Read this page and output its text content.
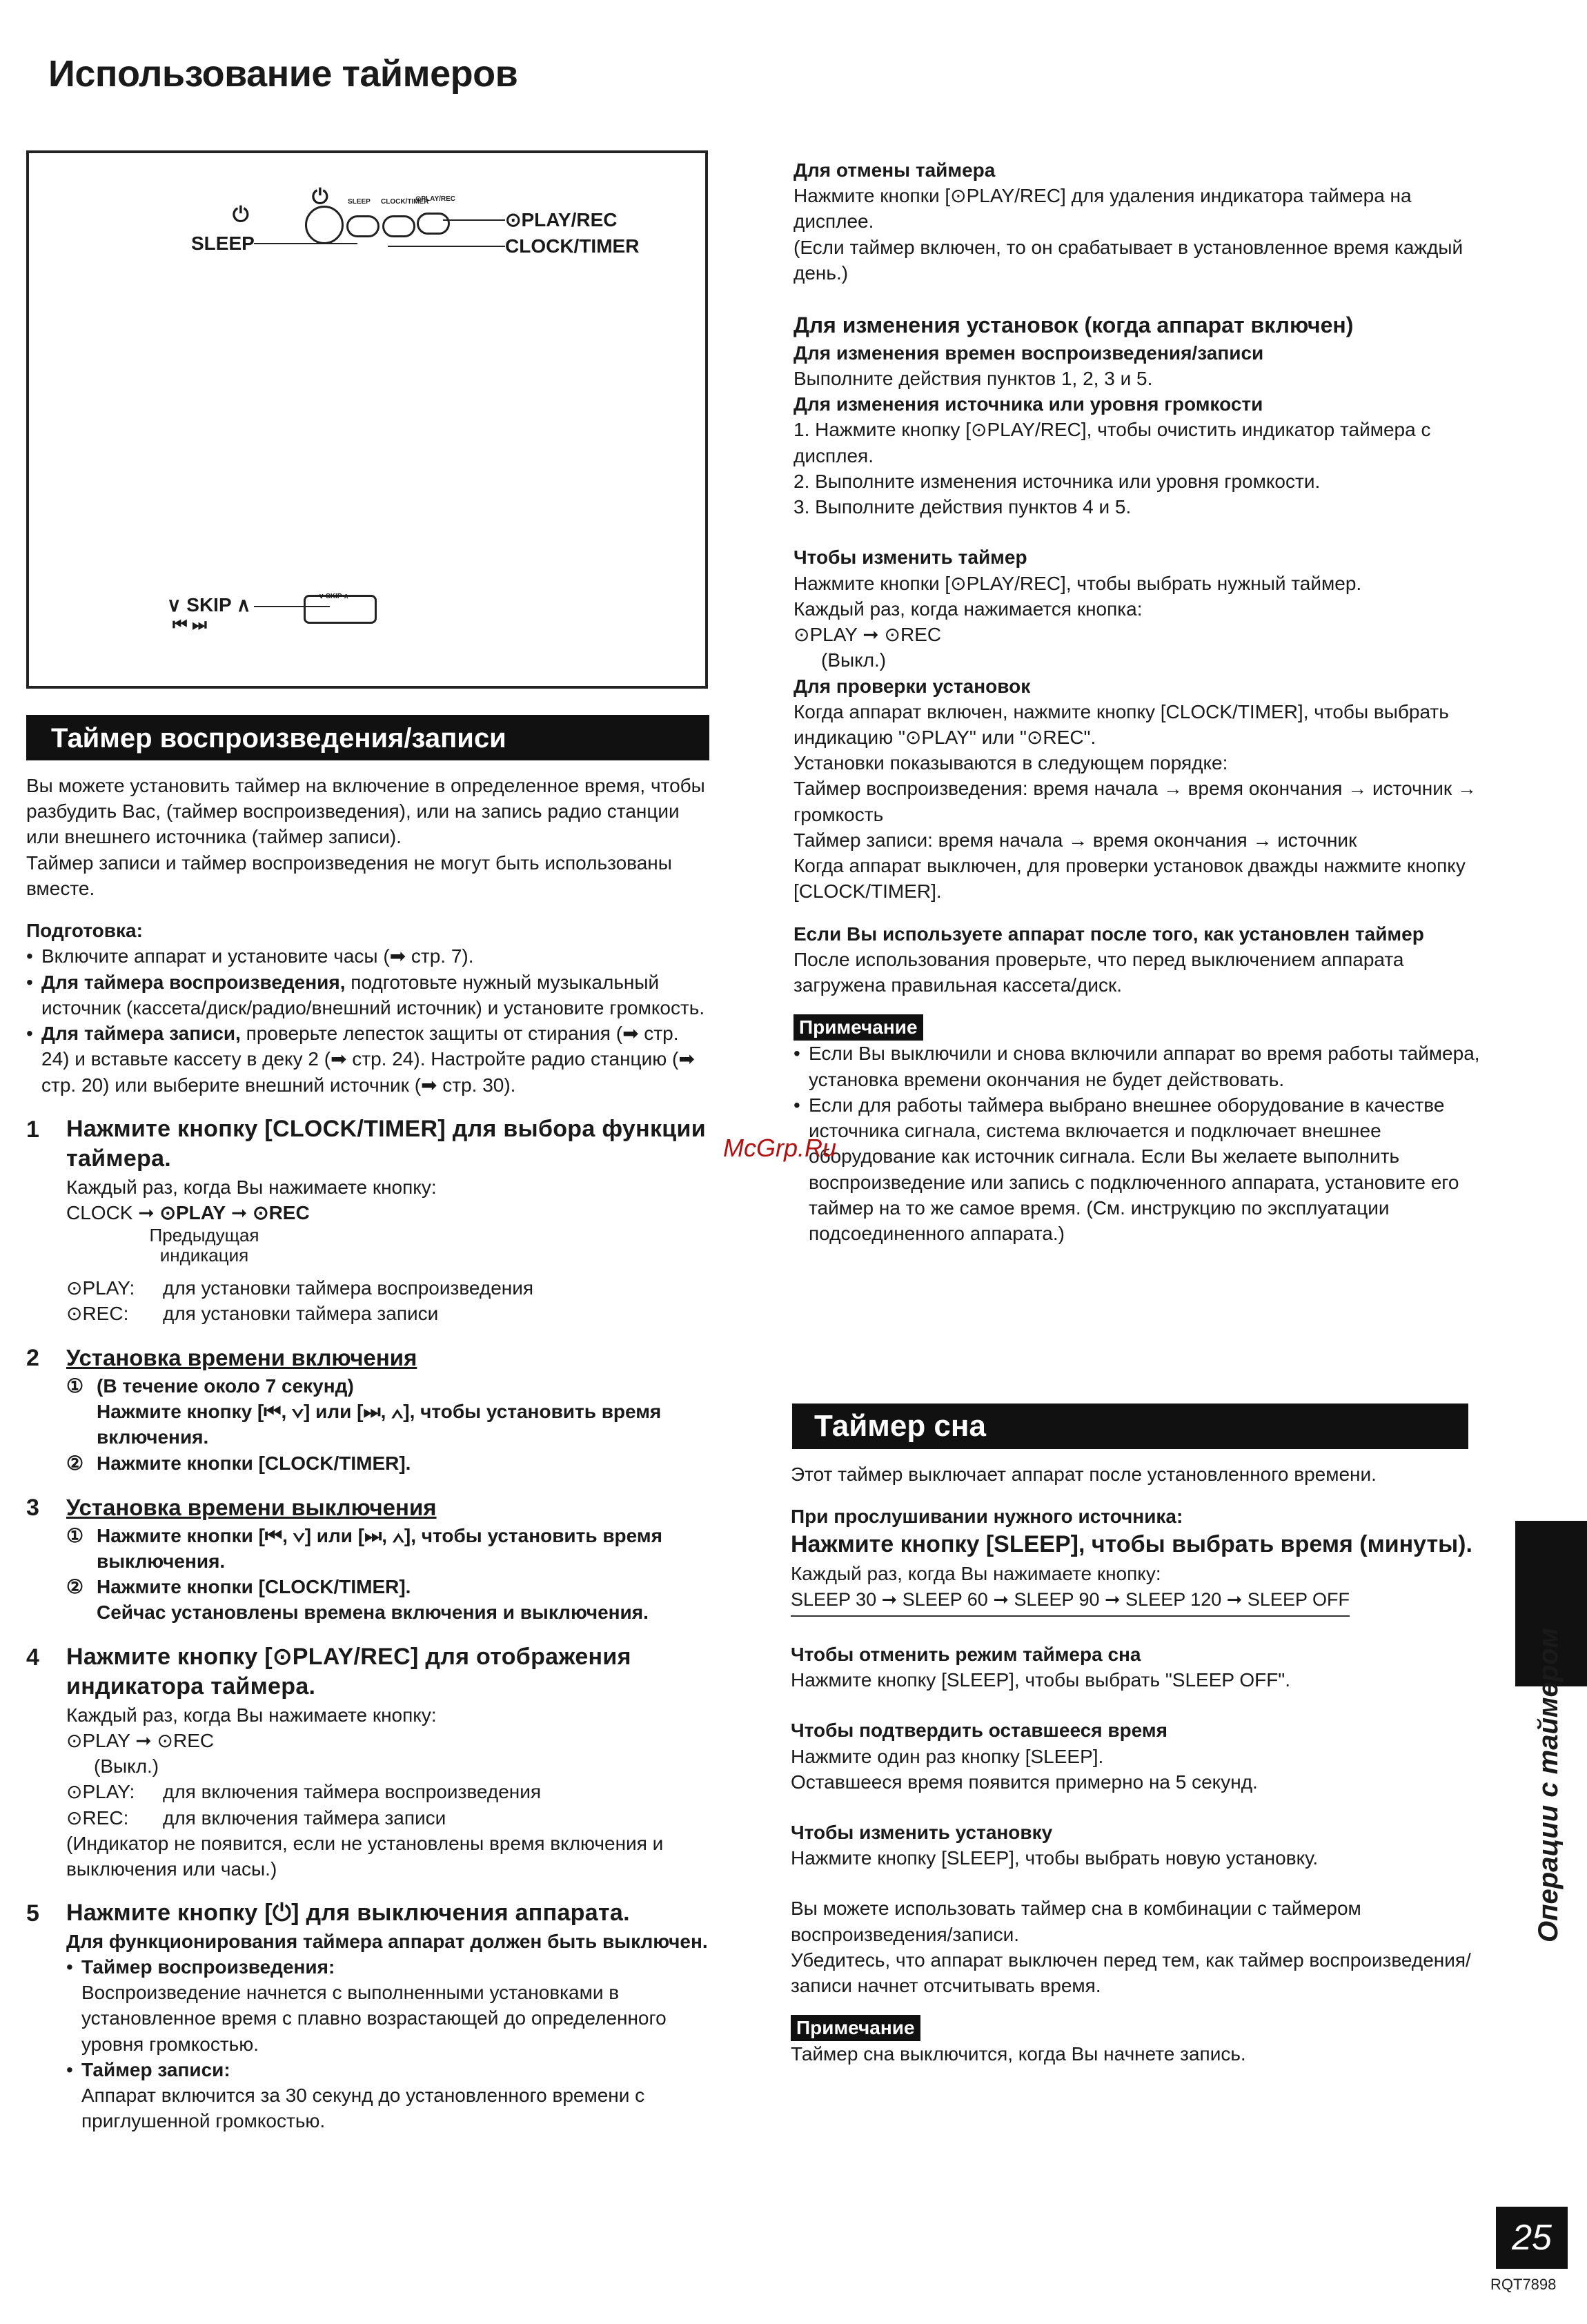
Использование таймеров
⏻
⏻	SLEEP CLOCK/TIMER
⊙PLAY/REC
⊙PLAY/REC
CLOCK/TIMER
SLEEP
∨ SKIP ∧
⏮ ⏭
∨ SKIP ∧
Таймер воспроизведения/записи

Вы можете установить таймер на включение в определенное время, чтобы разбудить Вас, (таймер воспроизведения), или на запись радио станции или внешнего источника (таймер записи).

Таймер записи и таймер воспроизведения не могут быть использованы вместе.

Подготовка:

• Включите аппарат и установите часы (➡ стр. 7).
• Для таймера воспроизведения, подготовьте нужный музыкальный источник (кассета/диск/радио/внешний источник) и установите громкость.
• Для таймера записи, проверьте лепесток защиты от стирания (➡ стр. 24) и вставьте кассету в деку 2 (➡ стр. 24). Настройте радио станцию (➡ стр. 20) или выберите внешний источник (➡ стр. 30).
1 Нажмите кнопку [CLOCK/TIMER] для выбора функции таймера.

Каждый раз, когда Вы нажимаете кнопку:

CLOCK ➞ ⊙PLAY ➞ ⊙REC
Предыдущая индикация
⊙PLAY: для установки таймера воспроизведения
⊙REC: для установки таймера записи
2 Установка времени включения
① (В течение около 7 секунд)
Нажмите кнопку [⏮, ∨] или [⏭, ∧], чтобы установить время включения.
② Нажмите кнопки [CLOCK/TIMER].
3 Установка времени выключения
① Нажмите кнопки [⏮, ∨] или [⏭, ∧], чтобы установить время выключения.
② Нажмите кнопки [CLOCK/TIMER].
Сейчас установлены времена включения и выключения.
4 Нажмите кнопку [⊙PLAY/REC] для отображения индикатора таймера.

Каждый раз, когда Вы нажимаете кнопку:

⊙PLAY ➞ ⊙REC
(Выкл.)
⊙PLAY: для включения таймера воспроизведения
⊙REC: для включения таймера записи
(Индикатор не появится, если не установлены время включения и выключения или часы.)
5 Нажмите кнопку [⏻] для выключения аппарата.
Для функционирования таймера аппарат должен быть выключен.
• Таймер воспроизведения:
Воспроизведение начнется с выполненными установками в установленное время с плавно возрастающей до определенного уровня громкостью.
• Таймер записи:
Аппарат включится за 30 секунд до установленного времени с приглушенной громкостью.

Для отмены таймера

Нажмите кнопки [⊙PLAY/REC] для удаления индикатора таймера на дисплее.

(Если таймер включен, то он срабатывает в установленное время каждый день.)

Для изменения установок (когда аппарат включен)

Для изменения времен воспроизведения/записи

Выполните действия пунктов 1, 2, 3 и 5.

Для изменения источника или уровня громкости

1. Нажмите кнопку [⊙PLAY/REC], чтобы очистить индикатор таймера с дисплея.

2. Выполните изменения источника или уровня громкости.

3. Выполните действия пунктов 4 и 5.

Чтобы изменить таймер

Нажмите кнопки [⊙PLAY/REC], чтобы выбрать нужный таймер.

Каждый раз, когда нажимается кнопка:

⊙PLAY ➞ ⊙REC
(Выкл.)

Для проверки установок

Когда аппарат включен, нажмите кнопку [CLOCK/TIMER], чтобы выбрать индикацию "⊙PLAY" или "⊙REC".

Установки показываются в следующем порядке:

Таймер воспроизведения: время начала → время окончания → источник → громкость

Таймер записи: время начала → время окончания → источник

Когда аппарат выключен, для проверки установок дважды нажмите кнопку [CLOCK/TIMER].

Если Вы используете аппарат после того, как установлен таймер

После использования проверьте, что перед выключением аппарата загружена правильная кассета/диск.

Примечание
• Если Вы выключили и снова включили аппарат во время работы таймера, установка времени окончания не будет действовать.
• Если для работы таймера выбрано внешнее оборудование в качестве источника сигнала, система включается и подключает внешнее оборудование как источник сигнала. Если Вы желаете выполнить воспроизведение или запись с подключенного аппарата, установите его таймер на то же самое время. (См. инструкцию по эксплуатации подсоединенного аппарата.)
Таймер сна

Этот таймер выключает аппарат после установленного времени.

При прослушивании нужного источника:

Нажмите кнопку [SLEEP], чтобы выбрать время (минуты).

Каждый раз, когда Вы нажимаете кнопку:

SLEEP 30 ➞ SLEEP 60 ➞ SLEEP 90 ➞ SLEEP 120 ➞ SLEEP OFF

Чтобы отменить режим таймера сна

Нажмите кнопку [SLEEP], чтобы выбрать "SLEEP OFF".

Чтобы подтвердить оставшееся время

Нажмите один раз кнопку [SLEEP].

Оставшееся время появится примерно на 5 секунд.

Чтобы изменить установку

Нажмите кнопку [SLEEP], чтобы выбрать новую установку.

Вы можете использовать таймер сна в комбинации с таймером воспроизведения/записи.

Убедитесь, что аппарат выключен перед тем, как таймер воспроизведения/записи начнет отсчитывать время.

Примечание

Таймер сна выключится, когда Вы начнете запись.

Операции с таймером
25
RQT7898
McGrp.Ru
